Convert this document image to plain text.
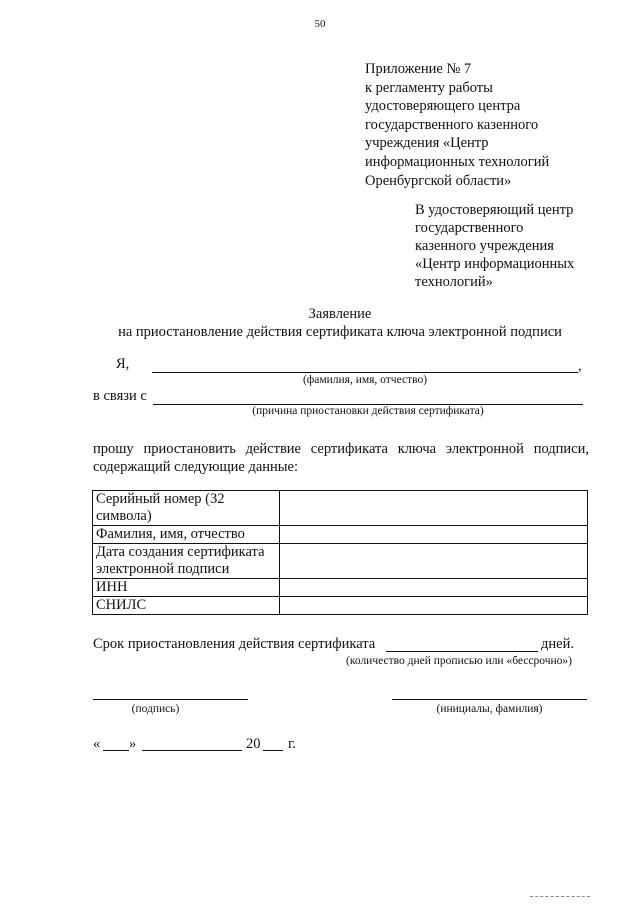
50
Приложение № 7
к регламенту работы
удостоверяющего центра
государственного казенного
учреждения «Центр
информационных технологий
Оренбургской области»
В удостоверяющий центр
государственного
казенного учреждения
«Центр информационных
технологий»
Заявление
на приостановление действия сертификата ключа электронной подписи
Я,	,
(фамилия, имя, отчество)
в связи с
(причина приостановки действия сертификата)
прошу приостановить действие сертификата ключа электронной подписи, содержащий следующие данные:
Серийный номер (32 символа)	
Фамилия, имя, отчество	
Дата создания сертификата электронной подписи	
ИНН	
СНИЛС	
Срок приостановления действия сертификата	дней.
(количество дней прописью или «бессрочно»)
(подпись)	(инициалы, фамилия)
« »	20 г.
